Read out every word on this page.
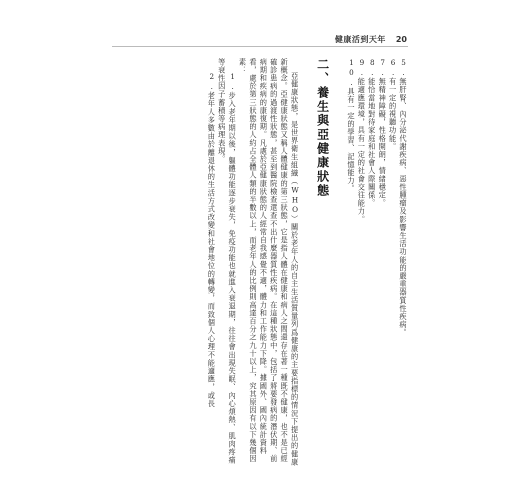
健康活到天年 20

5.無肝腎、內分泌代謝疾病、惡性腫瘤及影響生活功能的嚴重器質性疾病。

6.有一定的視聽功能。

7.無精神障礙，性格開朗，情緒穩定。

8.能恰當地對待家庭和社會人際關係。

9.能適應環境，具有一定的社會交往能力。

10.具有一定的學習、記憶能力。

二、養生與亞健康狀態

亞健康狀態，是世界衛生組織（WHO）關於老年人的自主生活質量列爲健康的主要指標的情況下提出的健康新概念。亞健康狀態又稱人體健康的第三狀態，它是指人體在健康和病人之間還存在著一種既不健康，也不是已經確診患病的過渡性狀態，甚至到醫院檢查還查不出什麼器質性疾病。在這種狀態中，包括了將要發病的潛伏期、前病期和疾病的康復期。凡處於亞健康狀態的人經常自我感覺不適，體力和工作能力下降。據國外、國內統計資料看，處於第三狀態的人約占全體人類的半數以上，而老年人的比例則高達百分之九十以上，究其原因有以下幾個因素：

1.步入老年期以後，軀體功能逐步衰失，免疫功能也就進入衰退期，往往會出現失眠、內心煩熱、肌肉疼痛等衰性因子蓄積等病理表現。

2.老年人多數由於離退休的生活方式改變和社會地位的轉變，而致個人心理不能適應，或長
